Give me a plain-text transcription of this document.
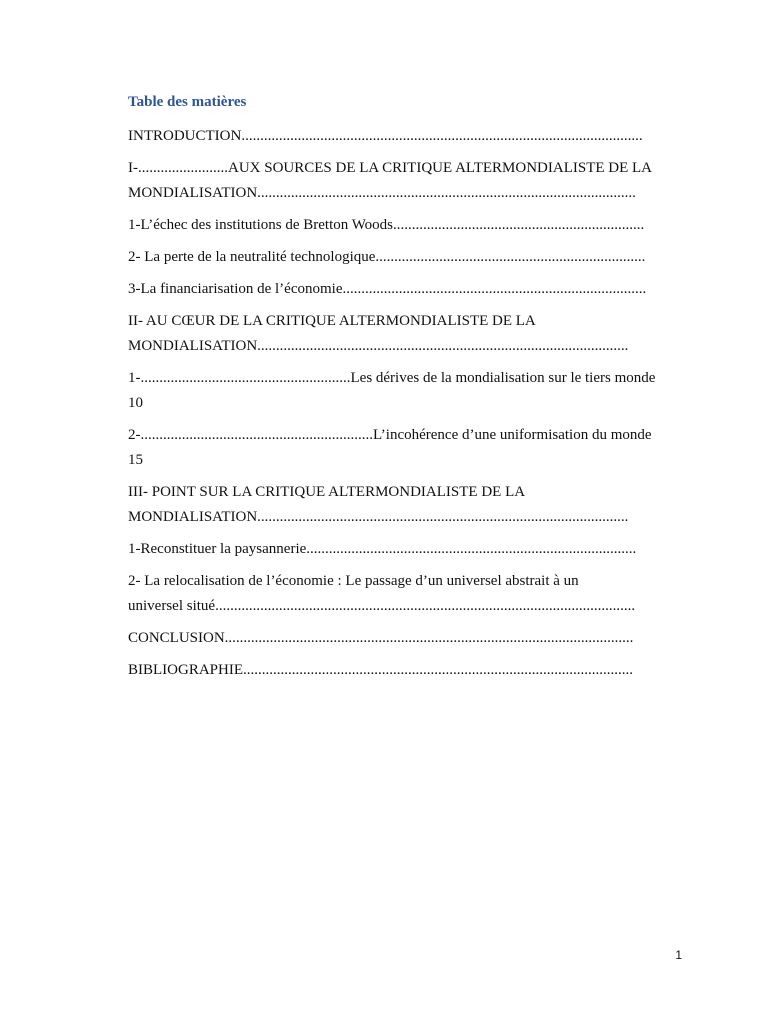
Table des matières
INTRODUCTION...........................................................................................................
I-........................AUX SOURCES DE LA CRITIQUE ALTERMONDIALISTE DE LA
MONDIALISATION.....................................................................................................
1-L’échec des institutions de Bretton Woods...................................................................
2- La perte de la neutralité technologique........................................................................
3-La financiarisation de l’économie.................................................................................
II- AU CŒUR DE LA CRITIQUE ALTERMONDIALISTE DE LA
MONDIALISATION...................................................................................................
1-........................................................Les dérives de la mondialisation sur le tiers monde
10
2-..............................................................L’incohérence d’une uniformisation du monde
15
III- POINT SUR LA CRITIQUE ALTERMONDIALISTE DE LA
MONDIALISATION...................................................................................................
1-Reconstituer la paysannerie........................................................................................
2- La relocalisation de l’économie : Le passage d’un universel abstrait à un
universel situé................................................................................................................
CONCLUSION.............................................................................................................
BIBLIOGRAPHIE........................................................................................................
1
